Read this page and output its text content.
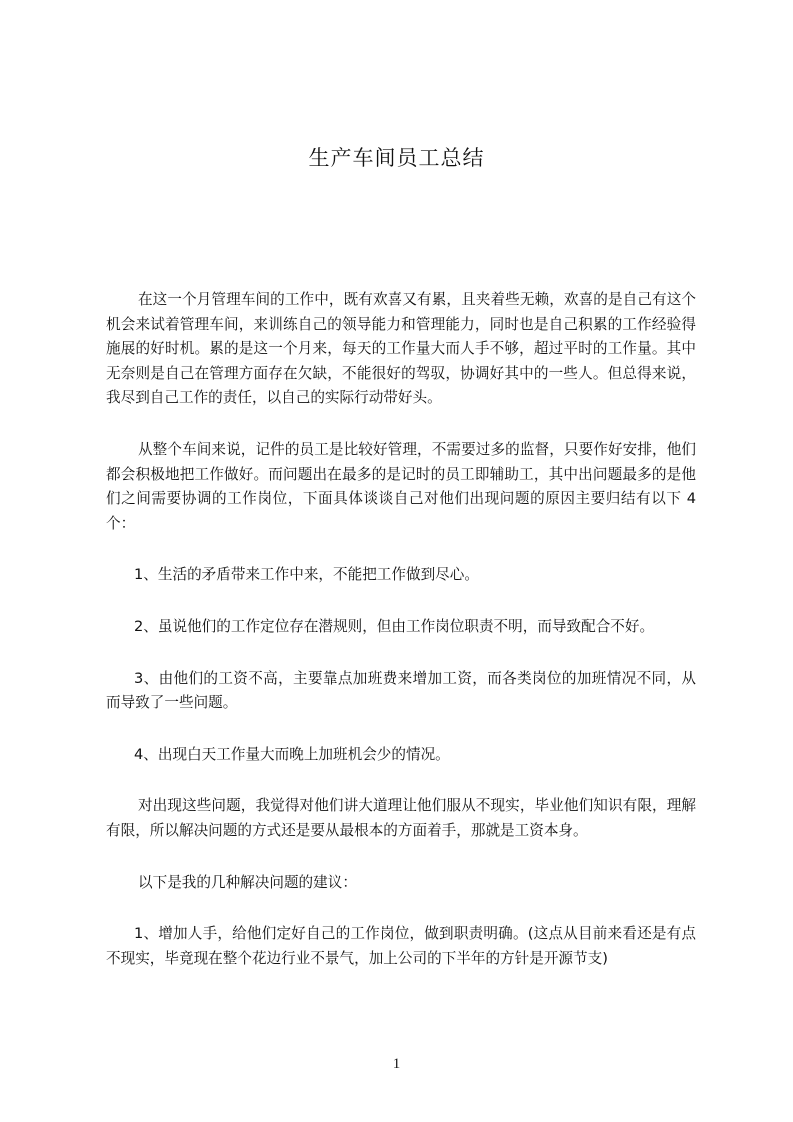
生产车间员工总结

在这一个月管理车间的工作中，既有欢喜又有累，且夹着些无赖，欢喜的是自己有这个机会来试着管理车间，来训练自己的领导能力和管理能力，同时也是自己积累的工作经验得施展的好时机。累的是这一个月来，每天的工作量大而人手不够，超过平时的工作量。其中无奈则是自己在管理方面存在欠缺，不能很好的驾驭，协调好其中的一些人。但总得来说，我尽到自己工作的责任，以自己的实际行动带好头。

从整个车间来说，记件的员工是比较好管理，不需要过多的监督，只要作好安排，他们都会积极地把工作做好。而问题出在最多的是记时的员工即辅助工，其中出问题最多的是他们之间需要协调的工作岗位，下面具体谈谈自己对他们出现问题的原因主要归结有以下 4 个：

1、生活的矛盾带来工作中来，不能把工作做到尽心。

2、虽说他们的工作定位存在潜规则，但由工作岗位职责不明，而导致配合不好。

3、由他们的工资不高，主要靠点加班费来增加工资，而各类岗位的加班情况不同，从而导致了一些问题。

4、出现白天工作量大而晚上加班机会少的情况。

对出现这些问题，我觉得对他们讲大道理让他们服从不现实，毕业他们知识有限，理解有限，所以解决问题的方式还是要从最根本的方面着手，那就是工资本身。

以下是我的几种解决问题的建议：

1、增加人手，给他们定好自己的工作岗位，做到职责明确。(这点从目前来看还是有点不现实，毕竟现在整个花边行业不景气，加上公司的下半年的方针是开源节支)

1
